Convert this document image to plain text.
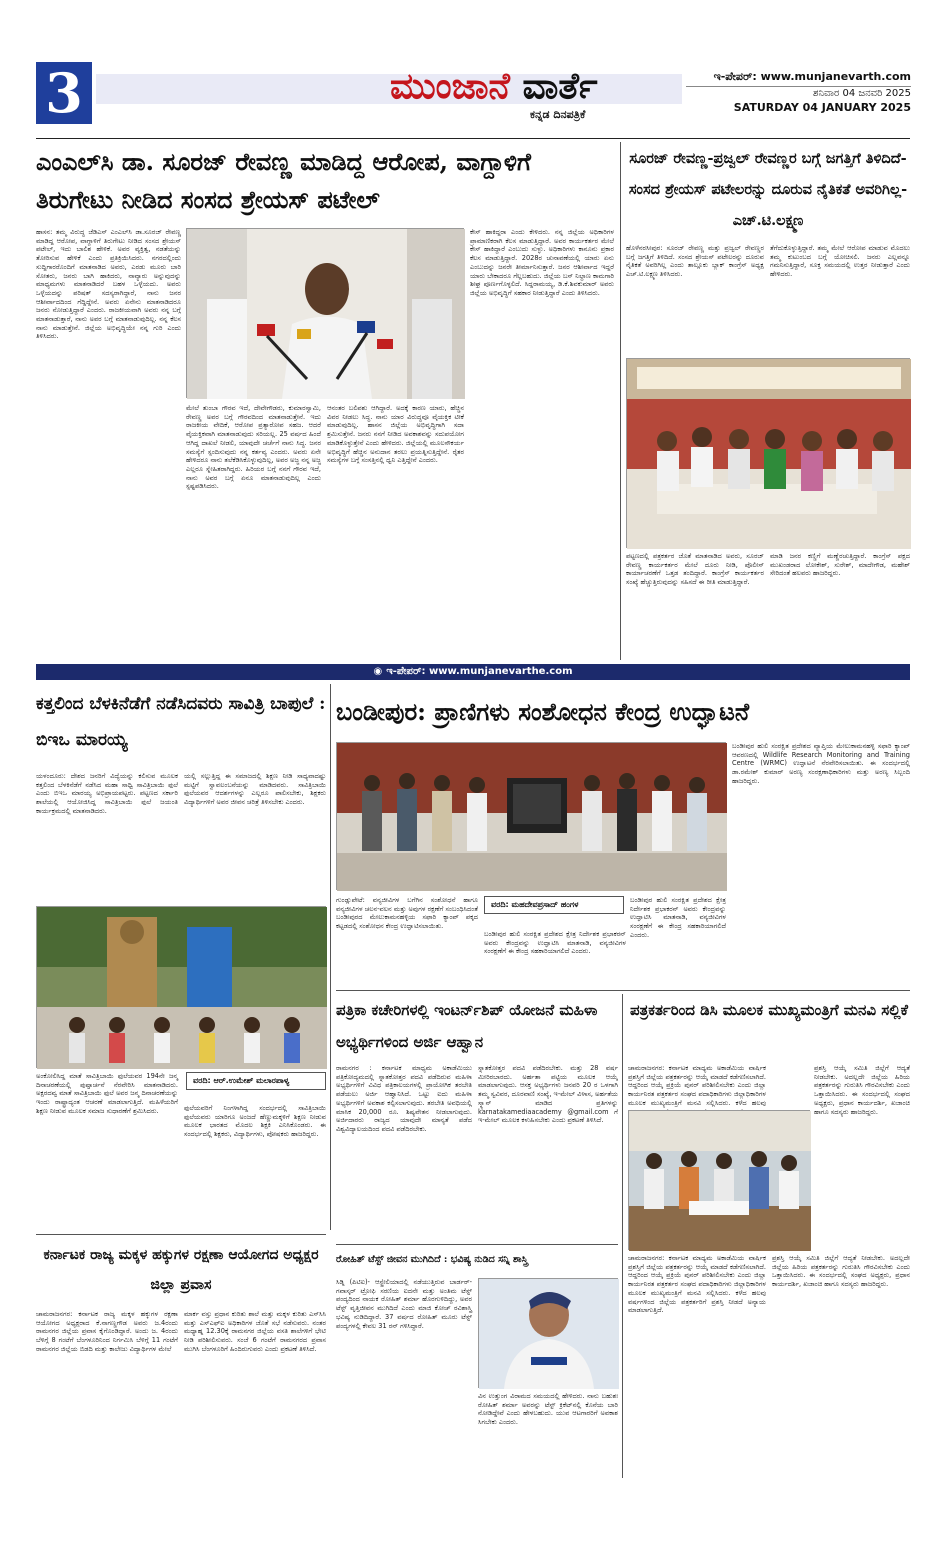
3	ಮುಂಜಾನೆ ವಾರ್ತೆ
ಕನ್ನಡ ದಿನಪತ್ರಿಕೆ
ಇ-ಪೇಪರ್: www.munjanevarth.com
ಶನಿವಾರ 04 ಜನವರಿ 2025
SATURDAY 04 JANUARY 2025
ಎಂಎಲ್‌ಸಿ ಡಾ. ಸೂರಜ್ ರೇವಣ್ಣ ಮಾಡಿದ್ದ ಆರೋಪ, ವಾಗ್ದಾಳಿಗೆ ತಿರುಗೇಟು ನೀಡಿದ ಸಂಸದ ಶ್ರೇಯಸ್ ಪಟೇಲ್
ಹಾಸನ: ತಮ್ಮ ವಿರುದ್ಧ ಜೆಡಿಎಸ್ ಎಂಎಲ್‌ಸಿ ಡಾ.ಸೂರಜ್ ರೇವಣ್ಣ ಮಾಡಿದ್ದ ಆರೋಪ, ವಾಗ್ದಾಳಿಗೆ ತಿರುಗೇಟು ನೀಡಿದ ಸಂಸದ ಶ್ರೇಯಸ್ ಪಟೇಲ್, ಇದು ಬಾಲಿಶ ಹೇಳಿಕೆ. ಅವರ ವ್ಯಕ್ತಿತ್ವ, ನಡತೆಯನ್ನು ತೋರಿಸುವ ಹೇಳಿಕೆ ಎಂದು ಪ್ರತಿಕ್ರಿಯಿಸಿದರು. ನಗರದಲ್ಲಿಂದು ಸುದ್ದಿಗಾರರೊಂದಿಗೆ ಮಾತನಾಡಿದ ಅವರು, ಎರಡು ಮೂರು ಬಾರಿ ಸೋತರು, ಜನರು ಬಾಗಿ ಹಾಕಿದರು, ನಾವ್ಯಾರು ಅನ್ನುವುದನ್ನು ಮಾಧ್ಯಮಗಳು ಮಾತನಾಡಿದರೆ ಬಹಳ ಒಳ್ಳೆಯದು. ಅವರು ಒಳ್ಳೆಯದನ್ನು ಪರಿಷತ್ ಸದಸ್ಯರಾಗಿದ್ದಾರೆ, ನಾನು ಜನರ ಆಶೀರ್ವಾದದಿಂದ ಗೆದ್ದಿದ್ದೇನೆ. ಅವರು ಏನೇನು ಮಾತನಾಡಿದರೂ ಜನರು ನೋಡುತ್ತಿದ್ದಾರೆ ಎಂದರು. ರಾಜಕೀಯವಾಗಿ ಅವರು ನನ್ನ ಬಗ್ಗೆ ಮಾತನಾಡುತ್ತಾರೆ, ನಾನು ಅವರ ಬಗ್ಗೆ ಮಾತನಾಡುವುದಿಲ್ಲ. ನನ್ನ ಕೆಲಸ ನಾನು ಮಾಡುತ್ತೇನೆ. ಜಿಲ್ಲೆಯ ಅಭಿವೃದ್ಧಿಯೇ ನನ್ನ ಗುರಿ ಎಂದು ತಿಳಿಸಿದರು.
ಮೇಲೆ ತುಂಬಾ ಗೌರವ ಇದೆ, ದೇವೇಗೌಡರು, ಕುಮಾರಸ್ವಾಮಿ, ರೇವಣ್ಣ ಅವರ ಬಗ್ಗೆ ಗೌರವದಿಂದ ಮಾತನಾಡುತ್ತೇನೆ. ಇದು ರಾಜಕೀಯ ವೇದಿಕೆ, ಆರೋಪ ಪ್ರತ್ಯಾರೋಪ ಸಹಜ. ಆದರೆ ವೈಯಕ್ತಿಕವಾಗಿ ಮಾತನಾಡುವುದು ಸರಿಯಲ್ಲ. 25 ವರ್ಷದ ಹಿಂದೆ ಆಗಿದ್ದ ದಾಖಲೆ ನೀಡಲಿ, ಯಾವುದೇ ಚರ್ಚೆಗೆ ನಾನು ಸಿದ್ಧ. ಜನರ ಸಮಸ್ಯೆಗೆ ಸ್ಪಂದಿಸುವುದು ನನ್ನ ಕರ್ತವ್ಯ ಎಂದರು. ಅವರು ಏನೇ ಹೇಳಿದರೂ ನಾನು ತಲೆಕೆಡಿಸಿಕೊಳ್ಳುವುದಿಲ್ಲ, ಅವರ ಅಜ್ಜ ನನ್ನ ಅಜ್ಜ ಎಲ್ಲರೂ ಸ್ನೇಹಿತರಾಗಿದ್ದರು. ಹಿರಿಯರ ಬಗ್ಗೆ ನನಗೆ ಗೌರವ ಇದೆ, ನಾನು ಅವರ ಬಗ್ಗೆ ಏನೂ ಮಾತನಾಡುವುದಿಲ್ಲ ಎಂದು ಸ್ಪಷ್ಟಪಡಿಸಿದರು.
ಆನಂತರ ಬಲಿಪಶು ಆಗಿದ್ದಾರೆ. ಅದಕ್ಕೆ ಕಾರಣ ಯಾರು, ಹೆಚ್ಚಿನ ವಿವರ ನೀಡಲು ಸಿದ್ಧ. ನಾನು ಯಾರ ವಿರುದ್ಧವೂ ವೈಯಕ್ತಿಕ ಟೀಕೆ ಮಾಡುವುದಿಲ್ಲ. ಹಾಸನ ಜಿಲ್ಲೆಯ ಅಭಿವೃದ್ಧಿಗಾಗಿ ಸದಾ ಶ್ರಮಿಸುತ್ತೇನೆ. ಜನರು ನನಗೆ ನೀಡಿದ ಅವಕಾಶವನ್ನು ಸದುಪಯೋಗ ಮಾಡಿಕೊಳ್ಳುತ್ತೇನೆ ಎಂದು ಹೇಳಿದರು. ಜಿಲ್ಲೆಯಲ್ಲಿ ಮೂಲಸೌಕರ್ಯ ಅಭಿವೃದ್ಧಿಗೆ ಹೆಚ್ಚಿನ ಅನುದಾನ ತರಲು ಪ್ರಯತ್ನಿಸುತ್ತಿದ್ದೇನೆ. ರೈತರ ಸಮಸ್ಯೆಗಳ ಬಗ್ಗೆ ಸಂಸತ್ತಿನಲ್ಲಿ ಧ್ವನಿ ಎತ್ತಿದ್ದೇನೆ ಎಂದರು.
ಕೇಸ್ ಹಾಕಿದ್ದರಾ ಎಂದು ಕೇಳಿದರು. ನನ್ನ ಜಿಲ್ಲೆಯ ಅಧಿಕಾರಿಗಳ ಪ್ರಾಮಾಣಿಕರಾಗಿ ಕೆಲಸ ಮಾಡುತ್ತಿದ್ದಾರೆ. ಅವರ ಕಾರ್ಯಕರ್ತರ ಮೇಲೆ ಕೇಸ್ ಹಾಕಿದ್ದಾರೆ ಎಂಬುದು ಸುಳ್ಳು. ಅಧಿಕಾರಿಗಳು ಕಾನೂನು ಪ್ರಕಾರ ಕೆಲಸ ಮಾಡುತ್ತಿದ್ದಾರೆ. 2028ರ ಚುನಾವಣೆಯಲ್ಲಿ ಯಾರು ಏನು ಎಂಬುದನ್ನು ಜನರೇ ತೀರ್ಮಾನಿಸುತ್ತಾರೆ. ಜನರ ಆಶೀರ್ವಾದ ಇದ್ದರೆ ಯಾರು ಬೇಕಾದರೂ ಗೆಲ್ಲಬಹುದು. ಜಿಲ್ಲೆಯ ಬಸ್ ನಿಲ್ದಾಣ ಕಾಮಗಾರಿ ಶೀಘ್ರ ಪೂರ್ಣಗೊಳ್ಳಲಿದೆ. ಸಿದ್ದರಾಮಯ್ಯ, ಡಿ.ಕೆ.ಶಿವಕುಮಾರ್ ಅವರು ಜಿಲ್ಲೆಯ ಅಭಿವೃದ್ಧಿಗೆ ಸಹಕಾರ ನೀಡುತ್ತಿದ್ದಾರೆ ಎಂದು ತಿಳಿಸಿದರು.
ಸೂರಜ್ ರೇವಣ್ಣ-ಪ್ರಜ್ವಲ್ ರೇವಣ್ಣರ ಬಗ್ಗೆ ಜಗತ್ತಿಗೆ ತಿಳಿದಿದೆ-ಸಂಸದ ಶ್ರೇಯಸ್ ಪಟೇಲರನ್ನು ದೂರುವ ನೈತಿಕತೆ ಅವರಿಗಿಲ್ಲ-ಎಚ್.ಟಿ.ಲಕ್ಷ್ಮಣ
ಹೊಳೆನರಸೀಪುರ: ಸೂರಜ್ ರೇವಣ್ಣ ಮತ್ತು ಪ್ರಜ್ವಲ್ ರೇವಣ್ಣರ ಬಗ್ಗೆ ಜಗತ್ತಿಗೆ ತಿಳಿದಿದೆ. ಸಂಸದ ಶ್ರೇಯಸ್ ಪಟೇಲರನ್ನು ದೂರುವ ನೈತಿಕತೆ ಅವರಿಗಿಲ್ಲ ಎಂದು ತಾಲ್ಲೂಕು ಬ್ಲಾಕ್ ಕಾಂಗ್ರೆಸ್ ಅಧ್ಯಕ್ಷ ಎಚ್.ಟಿ.ಲಕ್ಷ್ಮಣ ತಿಳಿಸಿದರು.
ತೆಗೆದುಕೊಳ್ಳುತ್ತಿದ್ದಾರೆ. ತಮ್ಮ ಮೇಲೆ ಆರೋಪ ಮಾಡುವ ಮೊದಲು ತಮ್ಮ ಕುಟುಂಬದ ಬಗ್ಗೆ ಯೋಚಿಸಲಿ. ಜನರು ಎಲ್ಲವನ್ನೂ ಗಮನಿಸುತ್ತಿದ್ದಾರೆ, ಸೂಕ್ತ ಸಮಯದಲ್ಲಿ ಉತ್ತರ ನೀಡುತ್ತಾರೆ ಎಂದು ಹೇಳಿದರು.
ಪಟ್ಟಣದಲ್ಲಿ ಪತ್ರಕರ್ತರ ಜೊತೆ ಮಾತನಾಡಿದ ಅವರು, ಸೂರಜ್ ರೇವಣ್ಣ ಕಾರ್ಯಕರ್ತರ ಮೇಲೆ ದೂರು ನೀಡಿ, ಪೊಲೀಸ್ ಕಾರ್ಯಾಚರಣೆಗೆ ಒತ್ತಡ ತಂದಿದ್ದಾರೆ. ಕಾಂಗ್ರೆಸ್ ಕಾರ್ಯಕರ್ತರ ಸಂಖ್ಯೆ ಹೆಚ್ಚುತ್ತಿರುವುದನ್ನು ಸಹಿಸದೆ ಈ ರೀತಿ ಮಾಡುತ್ತಿದ್ದಾರೆ.
ಮಾಡಿ ಜನರ ಕಣ್ಣಿಗೆ ಮಣ್ಣೆರಚುತ್ತಿದ್ದಾರೆ. ಕಾಂಗ್ರೆಸ್ ಪಕ್ಷದ ಮುಖಂಡರಾದ ಲೋಕೇಶ್, ಸುರೇಶ್, ಮಾದೇಗೌಡ, ಮಹೇಶ್ ಸೇರಿದಂತೆ ಹಲವರು ಹಾಜರಿದ್ದರು.
◉ ಇ-ಪೇಪರ್: www.munjanevarthe.com
ಕತ್ತಲಿಂದ ಬೆಳಕಿನೆಡೆಗೆ ನಡೆಸಿದವರು ಸಾವಿತ್ರಿ ಬಾಪುಲೆ : ಬಿಇಒ ಮಾರಯ್ಯ
ಯಳಂದೂರು: ದೇಶದ ಜನರಿಗೆ ವಿದ್ಯೆಯನ್ನು ಕಲಿಸುವ ಮೂಲಕ ಕತ್ತಲಿಂದ ಬೆಳಕಿನೆಡೆಗೆ ನಡೆಸಿದ ಮಹಾ ಸಾಧ್ವಿ ಸಾವಿತ್ರಿಬಾಯಿ ಫುಲೆ ಎಂದು ಬಿಇಒ ಮಾರಯ್ಯ ಅಭಿಪ್ರಾಯಪಟ್ಟರು. ಪಟ್ಟಣದ ಸರ್ಕಾರಿ ಶಾಲೆಯಲ್ಲಿ ಆಯೋಜಿಸಿದ್ದ ಸಾವಿತ್ರಿಬಾಯಿ ಫುಲೆ ಜಯಂತಿ ಕಾರ್ಯಕ್ರಮದಲ್ಲಿ ಮಾತನಾಡಿದರು.
ಯಲ್ಲಿ ಸಲ್ಲುತ್ತಿದ್ದ ಈ ಸಮಾಜದಲ್ಲಿ ಶಿಕ್ಷಣ ನೀಡಿ ಸಾಧ್ಯವಾದಷ್ಟು ಮಟ್ಟಿಗೆ ಸ್ವಾವಲಂಬನೆಯನ್ನು ಮಾಡಿದವರು. ಸಾವಿತ್ರಿಬಾಯಿ ಫುಲೆಯವರ ಆದರ್ಶಗಳನ್ನು ಎಲ್ಲರೂ ಪಾಲಿಸಬೇಕು, ಶಿಕ್ಷಕರು ವಿದ್ಯಾರ್ಥಿಗಳಿಗೆ ಅವರ ಜೀವನ ಚರಿತ್ರೆ ತಿಳಿಸಬೇಕು ಎಂದರು.
ಅಂಕೋಲಿಸಿದ್ದ ಮಾತೆ ಸಾವಿತ್ರಿಬಾಯಿ ಫುಲೆಯವರ 194ನೇ ಜನ್ಮ ದಿನಾಚರಣೆಯಲ್ಲಿ ಪುಷ್ಪಾರ್ಚನೆ ನೆರವೇರಿಸಿ ಮಾತನಾಡಿದರು. ಅಕ್ಷರದವ್ವ ಮಾತೆ ಸಾವಿತ್ರಿಬಾಯಿ ಫುಲೆ ಅವರ ಜನ್ಮ ದಿನಾಚರಣೆಯನ್ನು ಇಂದು ರಾಷ್ಟ್ರಾದ್ಯಂತ ಆಚರಣೆ ಮಾಡಲಾಗುತ್ತಿದೆ. ಮಹಿಳೆಯರಿಗೆ ಶಿಕ್ಷಣ ನೀಡುವ ಮೂಲಕ ಸಮಾಜ ಸುಧಾರಣೆಗೆ ಶ್ರಮಿಸಿದರು.
ವರದಿ: ಆರ್.ಉಮೇಶ್ ಮಲಾರಪಾಳ್ಯ
ಫುಲೆಯವರಿಗೆ ನಿಂಗಳಾಗಿದ್ದ ಸಂದರ್ಭದಲ್ಲಿ ಸಾವಿತ್ರಿಬಾಯಿ ಫುಲೆಯವರು ಯಾರಿಗೂ ಅಂಜದೆ ಹೆಣ್ಣುಮಕ್ಕಳಿಗೆ ಶಿಕ್ಷಣ ನೀಡುವ ಮೂಲಕ ಭಾರತದ ಮೊದಲ ಶಿಕ್ಷಕಿ ಎನಿಸಿಕೊಂಡರು. ಈ ಸಂದರ್ಭದಲ್ಲಿ ಶಿಕ್ಷಕರು, ವಿದ್ಯಾರ್ಥಿಗಳು, ಪೋಷಕರು ಹಾಜರಿದ್ದರು.
ಕರ್ನಾಟಕ ರಾಜ್ಯ ಮಕ್ಕಳ ಹಕ್ಕುಗಳ ರಕ್ಷಣಾ ಆಯೋಗದ ಅಧ್ಯಕ್ಷರ ಜಿಲ್ಲಾ ಪ್ರವಾಸ
ಚಾಮರಾಜನಗರ: ಕರ್ನಾಟಕ ರಾಜ್ಯ ಮಕ್ಕಳ ಹಕ್ಕುಗಳ ರಕ್ಷಣಾ ಆಯೋಗದ ಅಧ್ಯಕ್ಷರಾದ ಕೆ.ನಾಗಣ್ಣಗೌಡ ಅವರು ಜ.4ರಂದು ರಾಮನಗರ ಜಿಲ್ಲೆಯ ಪ್ರವಾಸ ಕೈಗೊಂಡಿದ್ದಾರೆ. ಅಂದು ಜ. 4ರಂದು ಬೆಳಿಗ್ಗೆ 8 ಗಂಟೆಗೆ ಬೆಂಗಳೂರಿನಿಂದ ನಿರ್ಗಮಿಸಿ ಬೆಳಿಗ್ಗೆ 11 ಗಂಟೆಗೆ ರಾಮನಗರ ಜಿಲ್ಲೆಯ ಬಿಡದಿ ಮತ್ತು ಕಾಲೇಜು ವಿದ್ಯಾರ್ಥಿಗಳ ಮೇಲೆ
ಮಾರ್ಕ ವಸ್ತು ಪ್ರಧಾನ ಕುರಿತು ಶಾಲೆ ಮತ್ತು ಮಕ್ಕಳ ಕುರಿತು ಎಸ್‌ಸಿಸಿ ಮತ್ತು ಎಸ್‌ಎಫ್‌ಐ ಅಧಿಕಾರಿಗಳ ಜೊತೆ ಸಭೆ ನಡೆಸುವರು. ನಂತರ ಮಧ್ಯಾಹ್ನ 12.30ಕ್ಕೆ ರಾಮನಗರ ಜಿಲ್ಲೆಯ ವಸತಿ ಶಾಲೆಗಳಿಗೆ ಭೇಟಿ ನೀಡಿ ಪರಿಶೀಲಿಸುವರು. ಸಂಜೆ 6 ಗಂಟೆಗೆ ರಾಮನಗರದ ಪ್ರವಾಸ ಮುಗಿಸಿ ಬೆಂಗಳೂರಿಗೆ ಹಿಂದಿರುಗುವರು ಎಂದು ಪ್ರಕಟಣೆ ತಿಳಿಸಿದೆ.
ಬಂಡೀಪುರ: ಪ್ರಾಣಿಗಳು ಸಂಶೋಧನ ಕೇಂದ್ರ ಉದ್ಘಾಟನೆ
ಗುಂಡ್ಲುಪೇಟೆ: ವನ್ಯಜೀವಿಗಳ ಬಗೆಗಿನ ಸಂಶೋಧನೆ ಹಾಗೂ ವನ್ಯಜೀವಿಗಳ ಚಲನ-ವಲನ ಮತ್ತು ಅವುಗಳ ರಕ್ಷಣೆಗೆ ಸಂಬಂಧಿಸಿದಂತೆ ಬಂಡೀಪುರದ ಮೇಲುಕಾಮನಹಳ್ಳಿಯ ಸಫಾರಿ ಕ್ಯಾಂಪ್ ಪಕ್ಕದ ಕಟ್ಟಡದಲ್ಲಿ ಸಂಶೋಧನ ಕೇಂದ್ರ ಉದ್ಘಾಟಿಸಲಾಯಿತು.
ವರದಿ: ಮಹದೇವಪ್ರಸಾದ್ ಹಂಗಳ
ಬಂಡೀಪುರ ಹುಲಿ ಸಂರಕ್ಷಿತ ಪ್ರದೇಶದ ಕ್ಷೇತ್ರ ನಿರ್ದೇಶಕ ಪ್ರಭಾಕರನ್ ಅವರು ಕೇಂದ್ರವನ್ನು ಉದ್ಘಾಟಿಸಿ ಮಾತನಾಡಿ, ವನ್ಯಜೀವಿಗಳ ಸಂರಕ್ಷಣೆಗೆ ಈ ಕೇಂದ್ರ ಸಹಕಾರಿಯಾಗಲಿದೆ ಎಂದರು.
ಬಂಡೀಪುರ ಹುಲಿ ಸಂರಕ್ಷಿತ ಪ್ರದೇಶದ ಕ್ಷೇತ್ರ ನಿರ್ದೇಶಕ ಪ್ರಭಾಕರನ್ ಅವರು ಕೇಂದ್ರವನ್ನು ಉದ್ಘಾಟಿಸಿ ಮಾತನಾಡಿ, ವನ್ಯಜೀವಿಗಳ ಸಂರಕ್ಷಣೆಗೆ ಈ ಕೇಂದ್ರ ಸಹಕಾರಿಯಾಗಲಿದೆ ಎಂದರು.
ಬಂಡೀಪುರ ಹುಲಿ ಸಂರಕ್ಷಿತ ಪ್ರದೇಶದ ವ್ಯಾಪ್ತಿಯ ಮೇಲುಕಾಮನಹಳ್ಳಿ ಸಫಾರಿ ಕ್ಯಾಂಪ್ ಆವರಣದಲ್ಲಿ Wildlife Research Monitoring and Training Centre (WRMC) ಉದ್ಘಾಟನೆ ನೆರವೇರಿಸಲಾಯಿತು. ಈ ಸಂದರ್ಭದಲ್ಲಿ ಡಾ.ರಮೇಶ್ ಕುಮಾರ್ ಅರಣ್ಯ ಸಂರಕ್ಷಣಾಧಿಕಾರಿಗಳು ಮತ್ತು ಅರಣ್ಯ ಸಿಬ್ಬಂದಿ ಹಾಜರಿದ್ದರು.
ಪತ್ರಿಕಾ ಕಚೇರಿಗಳಲ್ಲಿ ಇಂಟರ್ನ್‌ಶಿಪ್ ಯೋಜನೆ ಮಹಿಳಾ ಅಭ್ಯರ್ಥಿಗಳಿಂದ ಅರ್ಜಿ ಆಹ್ವಾನ
ರಾಮನಗರ : ಕರ್ನಾಟಕ ಮಾಧ್ಯಮ ಅಕಾಡೆಮಿಯು ಪತ್ರಿಕೋದ್ಯಮದಲ್ಲಿ ಸ್ನಾತಕೋತ್ತರ ಪದವಿ ಪಡೆದಿರುವ ಮಹಿಳಾ ಅಭ್ಯರ್ಥಿಗಳಿಗೆ ವಿವಿಧ ಪತ್ರಿಕಾಲಯಗಳಲ್ಲಿ ಪ್ರಾಯೋಗಿಕ ತರಬೇತಿ ಪಡೆಯಲು ಅರ್ಜಿ ಆಹ್ವಾನಿಸಿದೆ. ಒಟ್ಟು ಐದು ಮಹಿಳಾ ಅಭ್ಯರ್ಥಿಗಳಿಗೆ ಅವಕಾಶ ಕಲ್ಪಿಸಲಾಗುವುದು. ತರಬೇತಿ ಅವಧಿಯಲ್ಲಿ ಮಾಸಿಕ 20,000 ರೂ. ಶಿಷ್ಯವೇತನ ನೀಡಲಾಗುವುದು. ಅರ್ಜಿದಾರರು ರಾಜ್ಯದ ಯಾವುದೇ ಮಾನ್ಯತೆ ಪಡೆದ ವಿಶ್ವವಿದ್ಯಾಲಯದಿಂದ ಪದವಿ ಪಡೆದಿರಬೇಕು.
ಸ್ನಾತಕೋತ್ತರ ಪದವಿ ಪಡೆದಿರಬೇಕು. ಮತ್ತು 28 ವರ್ಷ ಮೀರಿರಬಾರದು. ಅರ್ಹತಾ ಪಟ್ಟಿಯ ಮೂಲಕ ಆಯ್ಕೆ ಮಾಡಲಾಗುವುದು. ಆಸಕ್ತ ಅಭ್ಯರ್ಥಿಗಳು ಜನವರಿ 20 ರ ಒಳಗಾಗಿ ತಮ್ಮ ಸ್ವವಿವರ, ದೂರವಾಣಿ ಸಂಖ್ಯೆ, ಇ-ಮೇಲ್ ವಿಳಾಸ, ಅರ್ಹತೆಯ ಸ್ಕ್ಯಾನ್ ಮಾಡಿದ ಪ್ರತಿಗಳನ್ನು karnatakamediaacademy @gmail.com ಗೆ ಇ-ಮೇಲ್ ಮೂಲಕ ಕಳುಹಿಸಬೇಕು ಎಂದು ಪ್ರಕಟಣೆ ತಿಳಿಸಿದೆ.
ರೋಹಿತ್ ಟೆಸ್ಟ್ ಜೀವನ ಮುಗಿದಿದೆ : ಭವಿಷ್ಯ ನುಡಿದ ಸನ್ನಿ ಶಾಸ್ತ್ರಿ
ಸಿಡ್ನಿ (ಪಿಟಿಐ)- ಆಸ್ಟ್ರೇಲಿಯಾದಲ್ಲಿ ನಡೆಯುತ್ತಿರುವ ಬಾರ್ಡರ್-ಗವಾಸ್ಕರ್ ಟ್ರೋಫಿ ಸರಣಿಯ ಐದನೇ ಮತ್ತು ಅಂತಿಮ ಟೆಸ್ಟ್ ಪಂದ್ಯದಿಂದ ನಾಯಕ ರೋಹಿತ್ ಶರ್ಮಾ ಹೊರಗುಳಿದಿದ್ದು, ಅವರ ಟೆಸ್ಟ್ ವೃತ್ತಿಜೀವನ ಮುಗಿದಿದೆ ಎಂದು ಮಾಜಿ ಕೋಚ್ ರವಿಶಾಸ್ತ್ರಿ ಭವಿಷ್ಯ ನುಡಿದಿದ್ದಾರೆ. 37 ವರ್ಷದ ರೋಹಿತ್ ಮೂರು ಟೆಸ್ಟ್ ಪಂದ್ಯಗಳಲ್ಲಿ ಕೇವಲ 31 ರನ್ ಗಳಿಸಿದ್ದಾರೆ.
ವಿನ ಉತ್ತುಂಗ ವಿರಾಮದ ಸಮಯದಲ್ಲಿ ಹೇಳಿದರು. ನಾನು ಬಹುಶಃ ರೋಹಿತ್ ಶರ್ಮಾ ಅವರನ್ನು ಟೆಸ್ಟ್ ಕ್ರಿಕೆಟ್‌ನಲ್ಲಿ ಕೊನೆಯ ಬಾರಿ ನೋಡಿದ್ದೇವೆ ಎಂದು ಹೇಳಬಹುದು. ಯುವ ಆಟಗಾರರಿಗೆ ಅವಕಾಶ ಸಿಗಬೇಕು ಎಂದರು.
ಪತ್ರಕರ್ತರಿಂದ ಡಿಸಿ ಮೂಲಕ ಮುಖ್ಯಮಂತ್ರಿಗೆ ಮನವಿ ಸಲ್ಲಿಕೆ
ಚಾಮರಾಜನಗರ: ಕರ್ನಾಟಕ ಮಾಧ್ಯಮ ಅಕಾಡೆಮಿಯ ವಾರ್ಷಿಕ ಪ್ರಶಸ್ತಿಗೆ ಜಿಲ್ಲೆಯ ಪತ್ರಕರ್ತರನ್ನು ಆಯ್ಕೆ ಮಾಡದೆ ಕಡೆಗಣಿಸಲಾಗಿದೆ. ಆದ್ದರಿಂದ ಆಯ್ಕೆ ಪ್ರಕ್ರಿಯೆ ಪುನರ್ ಪರಿಶೀಲಿಸಬೇಕು ಎಂದು ಜಿಲ್ಲಾ ಕಾರ್ಯನಿರತ ಪತ್ರಕರ್ತರ ಸಂಘದ ಪದಾಧಿಕಾರಿಗಳು ಜಿಲ್ಲಾಧಿಕಾರಿಗಳ ಮೂಲಕ ಮುಖ್ಯಮಂತ್ರಿಗೆ ಮನವಿ ಸಲ್ಲಿಸಿದರು. ಕಳೆದ ಹಲವು
ಪ್ರಶಸ್ತಿ ಆಯ್ಕೆ ಸಮಿತಿ ಜಿಲ್ಲೆಗೆ ಆದ್ಯತೆ ನೀಡಬೇಕು. ಅದಲ್ಲದೇ ಜಿಲ್ಲೆಯ ಹಿರಿಯ ಪತ್ರಕರ್ತರನ್ನು ಗುರುತಿಸಿ ಗೌರವಿಸಬೇಕು ಎಂದು ಒತ್ತಾಯಿಸಿದರು. ಈ ಸಂದರ್ಭದಲ್ಲಿ ಸಂಘದ ಅಧ್ಯಕ್ಷರು, ಪ್ರಧಾನ ಕಾರ್ಯದರ್ಶಿ, ಖಜಾಂಚಿ ಹಾಗೂ ಸದಸ್ಯರು ಹಾಜರಿದ್ದರು.
ಚಾಮರಾಜನಗರ: ಕರ್ನಾಟಕ ಮಾಧ್ಯಮ ಅಕಾಡೆಮಿಯ ವಾರ್ಷಿಕ ಪ್ರಶಸ್ತಿಗೆ ಜಿಲ್ಲೆಯ ಪತ್ರಕರ್ತರನ್ನು ಆಯ್ಕೆ ಮಾಡದೆ ಕಡೆಗಣಿಸಲಾಗಿದೆ. ಆದ್ದರಿಂದ ಆಯ್ಕೆ ಪ್ರಕ್ರಿಯೆ ಪುನರ್ ಪರಿಶೀಲಿಸಬೇಕು ಎಂದು ಜಿಲ್ಲಾ ಕಾರ್ಯನಿರತ ಪತ್ರಕರ್ತರ ಸಂಘದ ಪದಾಧಿಕಾರಿಗಳು ಜಿಲ್ಲಾಧಿಕಾರಿಗಳ ಮೂಲಕ ಮುಖ್ಯಮಂತ್ರಿಗೆ ಮನವಿ ಸಲ್ಲಿಸಿದರು. ಕಳೆದ ಹಲವು ವರ್ಷಗಳಿಂದ ಜಿಲ್ಲೆಯ ಪತ್ರಕರ್ತರಿಗೆ ಪ್ರಶಸ್ತಿ ನೀಡದೆ ಅನ್ಯಾಯ ಮಾಡಲಾಗುತ್ತಿದೆ.
ಪ್ರಶಸ್ತಿ ಆಯ್ಕೆ ಸಮಿತಿ ಜಿಲ್ಲೆಗೆ ಆದ್ಯತೆ ನೀಡಬೇಕು. ಅದಲ್ಲದೇ ಜಿಲ್ಲೆಯ ಹಿರಿಯ ಪತ್ರಕರ್ತರನ್ನು ಗುರುತಿಸಿ ಗೌರವಿಸಬೇಕು ಎಂದು ಒತ್ತಾಯಿಸಿದರು. ಈ ಸಂದರ್ಭದಲ್ಲಿ ಸಂಘದ ಅಧ್ಯಕ್ಷರು, ಪ್ರಧಾನ ಕಾರ್ಯದರ್ಶಿ, ಖಜಾಂಚಿ ಹಾಗೂ ಸದಸ್ಯರು ಹಾಜರಿದ್ದರು.
